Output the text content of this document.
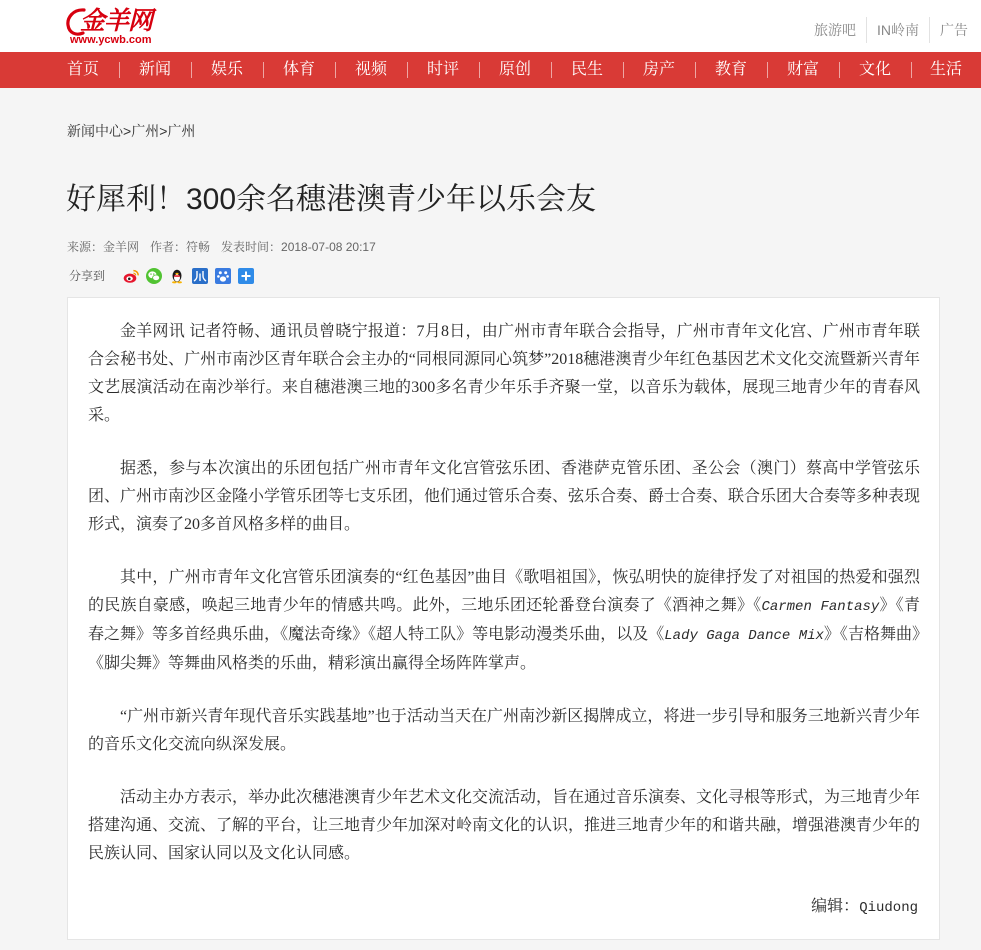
金羊网
www.ycwb.com
旅游吧	IN岭南	广告
首页	新闻	娱乐	体育	视频	时评	原创	民生	房产	教育	财富	文化	生活
新闻中心>广州>广州
好犀利！300余名穗港澳青少年以乐会友
来源：金羊网 作者：符畅 发表时间：2018-07-08 20:17
分享到

金羊网讯 记者符畅、通讯员曾晓宁报道：7月8日，由广州市青年联合会指导，广州市青年文化宫、广州市青年联合会秘书处、广州市南沙区青年联合会主办的“同根同源同心筑梦”2018穗港澳青少年红色基因艺术文化交流暨新兴青年文艺展演活动在南沙举行。来自穗港澳三地的300多名青少年乐手齐聚一堂，以音乐为载体，展现三地青少年的青春风采。

据悉，参与本次演出的乐团包括广州市青年文化宫管弦乐团、香港萨克管乐团、圣公会（澳门）蔡高中学管弦乐团、广州市南沙区金隆小学管乐团等七支乐团，他们通过管乐合奏、弦乐合奏、爵士合奏、联合乐团大合奏等多种表现形式，演奏了20多首风格多样的曲目。

其中，广州市青年文化宫管乐团演奏的“红色基因”曲目《歌唱祖国》，恢弘明快的旋律抒发了对祖国的热爱和强烈的民族自豪感，唤起三地青少年的情感共鸣。此外，三地乐团还轮番登台演奏了《酒神之舞》《Carmen Fantasy》《青春之舞》等多首经典乐曲，《魔法奇缘》《超人特工队》等电影动漫类乐曲，以及《Lady Gaga Dance Mix》《吉格舞曲》《脚尖舞》等舞曲风格类的乐曲，精彩演出赢得全场阵阵掌声。

“广州市新兴青年现代音乐实践基地”也于活动当天在广州南沙新区揭牌成立，将进一步引导和服务三地新兴青少年的音乐文化交流向纵深发展。

活动主办方表示，举办此次穗港澳青少年艺术文化交流活动，旨在通过音乐演奏、文化寻根等形式，为三地青少年搭建沟通、交流、了解的平台，让三地青少年加深对岭南文化的认识，推进三地青少年的和谐共融，增强港澳青少年的民族认同、国家认同以及文化认同感。

编辑：Qiudong
